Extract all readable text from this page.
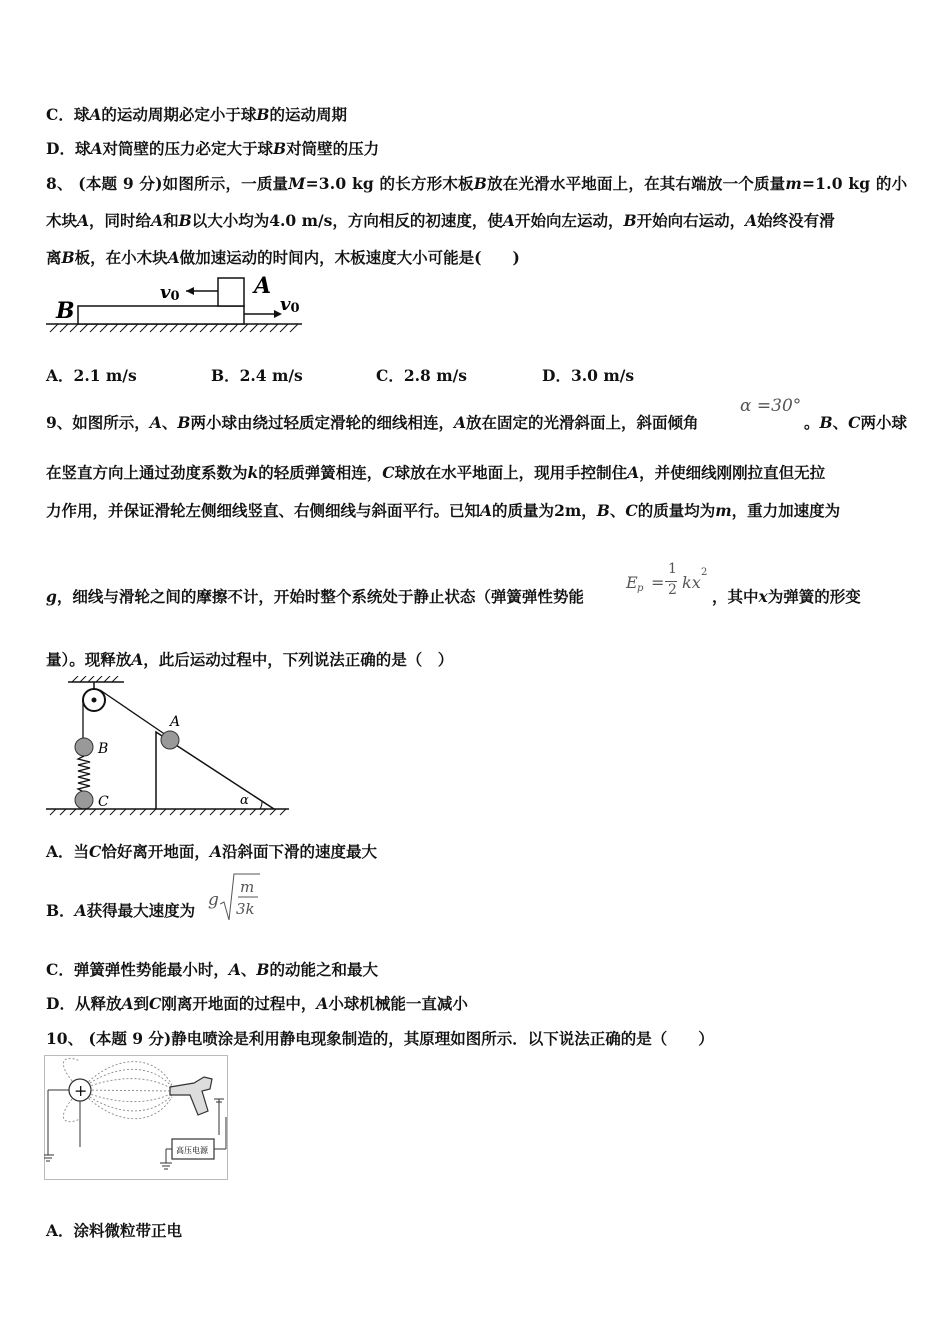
C．球A的运动周期必定小于球B的运动周期
D．球A对筒壁的压力必定大于球B对筒壁的压力
8、 (本题 9 分)如图所示，一质量M=3.0 kg 的长方形木板B放在光滑水平地面上，在其右端放一个质量m=1.0 kg 的小
木块A，同时给A和B以大小均为4.0 m/s，方向相反的初速度，使A开始向左运动，B开始向右运动，A始终没有滑
离B板，在小木块A做加速运动的时间内，木板速度大小可能是(　　)
B
A
v0	v0
A．2.1 m/s	B．2.4 m/s	C．2.8 m/s	D．3.0 m/s
9、如图所示，A、B两小球由绕过轻质定滑轮的细线相连，A放在固定的光滑斜面上，斜面倾角
α =30°
。B、C两小球
在竖直方向上通过劲度系数为k的轻质弹簧相连，C球放在水平地面上，现用手控制住A，并使细线刚刚拉直但无拉
力作用，并保证滑轮左侧细线竖直、右侧细线与斜面平行。已知A的质量为2m，B、C的质量均为m，重力加速度为
g，细线与滑轮之间的摩擦不计，开始时整个系统处于静止状态（弹簧弹性势能
E p =
1
2 kx
2
，其中x为弹簧的形变
量）。现释放A，此后运动过程中，下列说法正确的是（　）
A
B
C	α
A．当C恰好离开地面，A沿斜面下滑的速度最大
B．A获得最大速度为
g
m
3k
C．弹簧弹性势能最小时，A、B的动能之和最大
D．从释放A到C刚离开地面的过程中，A小球机械能一直减小
10、 (本题 9 分)静电喷涂是利用静电现象制造的，其原理如图所示．以下说法正确的是（　　）
+
高压电源
A．涂料微粒带正电
